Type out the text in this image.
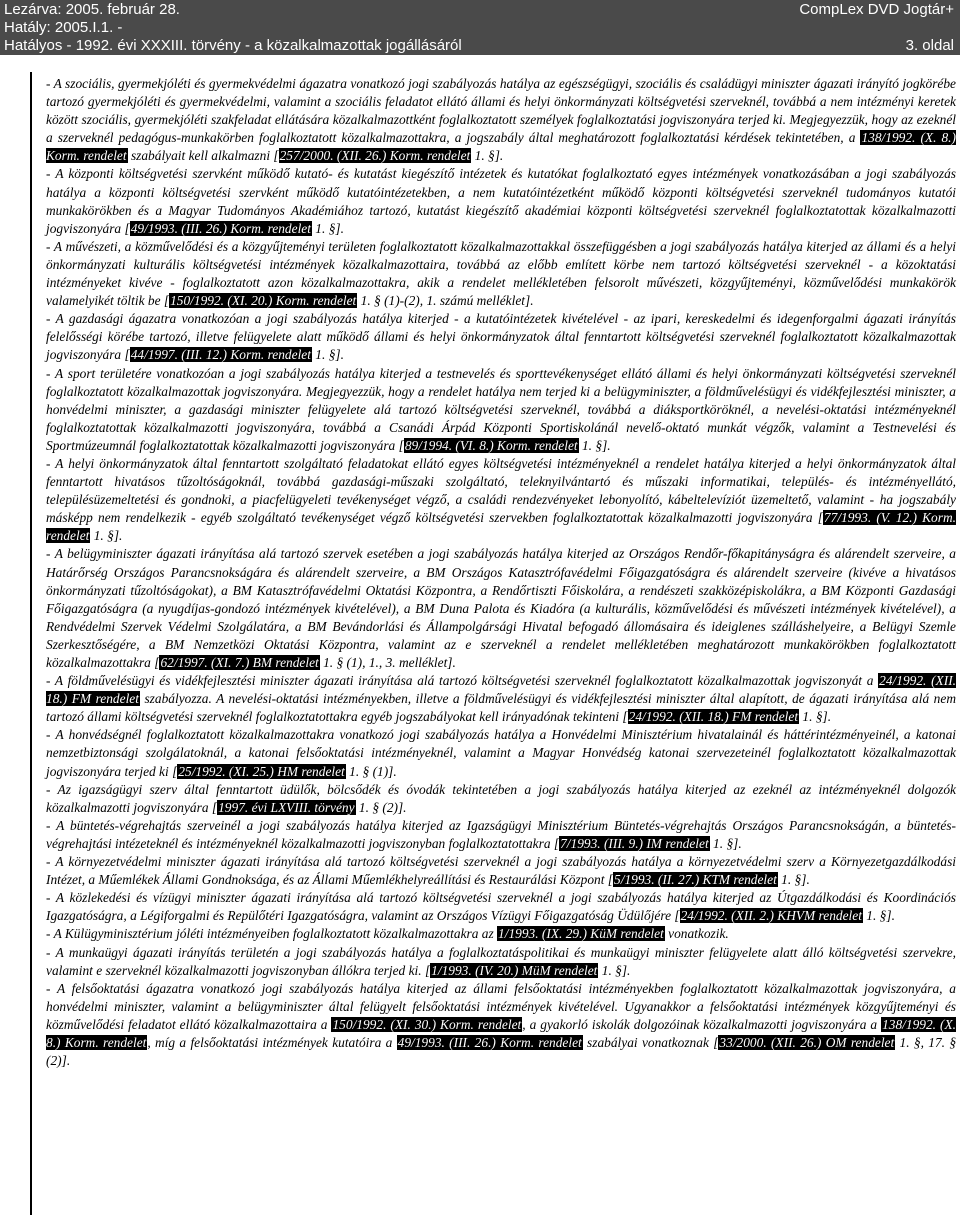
Lezárva: 2005. február 28.	CompLex DVD Jogtár+
Hatály: 2005.I.1. -
Hatályos - 1992. évi XXXIII. törvény - a közalkalmazottak jogállásáról	3. oldal

- A szociális, gyermekjóléti és gyermekvédelmi ágazatra vonatkozó jogi szabályozás hatálya az egészségügyi, szociális és családügyi miniszter ágazati irányító jogkörébe tartozó gyermekjóléti és gyermekvédelmi, valamint a szociális feladatot ellátó állami és helyi önkormányzati költségvetési szerveknél, továbbá a nem intézményi keretek között szociális, gyermekjóléti szakfeladat ellátására közalkalmazottként foglalkoztatott személyek foglalkoztatási jogviszonyára terjed ki. Megjegyezzük, hogy az ezeknél a szerveknél pedagógus-munkakörben foglalkoztatott közalkalmazottakra, a jogszabály által meghatározott foglalkoztatási kérdések tekintetében, a 138/1992. (X. 8.) Korm. rendelet szabályait kell alkalmazni [257/2000. (XII. 26.) Korm. rendelet 1. §].

- A központi költségvetési szervként működő kutató- és kutatást kiegészítő intézetek és kutatókat foglalkoztató egyes intézmények vonatkozásában a jogi szabályozás hatálya a központi költségvetési szervként működő kutatóintézetekben, a nem kutatóintézetként működő központi költségvetési szerveknél tudományos kutatói munkakörökben és a Magyar Tudományos Akadémiához tartozó, kutatást kiegészítő akadémiai központi költségvetési szerveknél foglalkoztatottak közalkalmazotti jogviszonyára [49/1993. (III. 26.) Korm. rendelet 1. §].

- A művészeti, a közművelődési és a közgyűjteményi területen foglalkoztatott közalkalmazottakkal összefüggésben a jogi szabályozás hatálya kiterjed az állami és a helyi önkormányzati kulturális költségvetési intézmények közalkalmazottaira, továbbá az előbb említett körbe nem tartozó költségvetési szerveknél - a közoktatási intézményeket kivéve - foglalkoztatott azon közalkalmazottakra, akik a rendelet mellékletében felsorolt művészeti, közgyűjteményi, közművelődési munkakörök valamelyikét töltik be [150/1992. (XI. 20.) Korm. rendelet 1. § (1)-(2), 1. számú melléklet].

- A gazdasági ágazatra vonatkozóan a jogi szabályozás hatálya kiterjed - a kutatóintézetek kivételével - az ipari, kereskedelmi és idegenforgalmi ágazati irányítás felelősségi körébe tartozó, illetve felügyelete alatt működő állami és helyi önkormányzatok által fenntartott költségvetési szerveknél foglalkoztatott közalkalmazottak jogviszonyára [44/1997. (III. 12.) Korm. rendelet 1. §].

- A sport területére vonatkozóan a jogi szabályozás hatálya kiterjed a testnevelés és sporttevékenységet ellátó állami és helyi önkormányzati költségvetési szerveknél foglalkoztatott közalkalmazottak jogviszonyára. Megjegyezzük, hogy a rendelet hatálya nem terjed ki a belügyminiszter, a földművelésügyi és vidékfejlesztési miniszter, a honvédelmi miniszter, a gazdasági miniszter felügyelete alá tartozó költségvetési szerveknél, továbbá a diáksportköröknél, a nevelési-oktatási intézményeknél foglalkoztatottak közalkalmazotti jogviszonyára, továbbá a Csanádi Árpád Központi Sportiskolánál nevelő-oktató munkát végzők, valamint a Testnevelési és Sportmúzeumnál foglalkoztatottak közalkalmazotti jogviszonyára [89/1994. (VI. 8.) Korm. rendelet 1. §].

- A helyi önkormányzatok által fenntartott szolgáltató feladatokat ellátó egyes költségvetési intézményeknél a rendelet hatálya kiterjed a helyi önkormányzatok által fenntartott hivatásos tűzoltóságoknál, továbbá gazdasági-műszaki szolgáltató, teleknyilvántartó és műszaki informatikai, település- és intézményellátó, településüzemeltetési és gondnoki, a piacfelügyeleti tevékenységet végző, a családi rendezvényeket lebonyolító, kábeltelevíziót üzemeltető, valamint - ha jogszabály másképp nem rendelkezik - egyéb szolgáltató tevékenységet végző költségvetési szervekben foglalkoztatottak közalkalmazotti jogviszonyára [77/1993. (V. 12.) Korm. rendelet 1. §].

- A belügyminiszter ágazati irányítása alá tartozó szervek esetében a jogi szabályozás hatálya kiterjed az Országos Rendőr-főkapitányságra és alárendelt szerveire, a Határőrség Országos Parancsnokságára és alárendelt szerveire, a BM Országos Katasztrófavédelmi Főigazgatóságra és alárendelt szerveire (kivéve a hivatásos önkormányzati tűzoltóságokat), a BM Katasztrófavédelmi Oktatási Központra, a Rendőrtiszti Főiskolára, a rendészeti szakközépiskolákra, a BM Központi Gazdasági Főigazgatóságra (a nyugdíjas-gondozó intézmények kivételével), a BM Duna Palota és Kiadóra (a kulturális, közművelődési és művészeti intézmények kivételével), a Rendvédelmi Szervek Védelmi Szolgálatára, a BM Bevándorlási és Állampolgársági Hivatal befogadó állomásaira és ideiglenes szálláshelyeire, a Belügyi Szemle Szerkesztőségére, a BM Nemzetközi Oktatási Központra, valamint az e szerveknél a rendelet mellékletében meghatározott munkakörökben foglalkoztatott közalkalmazottakra [62/1997. (XI. 7.) BM rendelet 1. § (1), 1., 3. melléklet].

- A földművelésügyi és vidékfejlesztési miniszter ágazati irányítása alá tartozó költségvetési szerveknél foglalkoztatott közalkalmazottak jogviszonyát a 24/1992. (XII. 18.) FM rendelet szabályozza. A nevelési-oktatási intézményekben, illetve a földművelésügyi és vidékfejlesztési miniszter által alapított, de ágazati irányítása alá nem tartozó állami költségvetési szerveknél foglalkoztatottakra egyéb jogszabályokat kell irányadónak tekinteni [24/1992. (XII. 18.) FM rendelet 1. §].

- A honvédségnél foglalkoztatott közalkalmazottakra vonatkozó jogi szabályozás hatálya a Honvédelmi Minisztérium hivatalainál és háttérintézményeinél, a katonai nemzetbiztonsági szolgálatoknál, a katonai felsőoktatási intézményeknél, valamint a Magyar Honvédség katonai szervezeteinél foglalkoztatott közalkalmazottak jogviszonyára terjed ki [25/1992. (XI. 25.) HM rendelet 1. § (1)].

- Az igazságügyi szerv által fenntartott üdülők, bölcsődék és óvodák tekintetében a jogi szabályozás hatálya kiterjed az ezeknél az intézményeknél dolgozók közalkalmazotti jogviszonyára [1997. évi LXVIII. törvény 1. § (2)].

- A büntetés-végrehajtás szerveinél a jogi szabályozás hatálya kiterjed az Igazságügyi Minisztérium Büntetés-végrehajtás Országos Parancsnokságán, a büntetés-végrehajtási intézeteknél és intézményeknél közalkalmazotti jogviszonyban foglalkoztatottakra [7/1993. (III. 9.) IM rendelet 1. §].

- A környezetvédelmi miniszter ágazati irányítása alá tartozó költségvetési szerveknél a jogi szabályozás hatálya a környezetvédelmi szerv a Környezetgazdálkodási Intézet, a Műemlékek Állami Gondnoksága, és az Állami Műemlékhelyreállítási és Restaurálási Központ [5/1993. (II. 27.) KTM rendelet 1. §].

- A közlekedési és vízügyi miniszter ágazati irányítása alá tartozó költségvetési szerveknél a jogi szabályozás hatálya kiterjed az Útgazdálkodási és Koordinációs Igazgatóságra, a Légiforgalmi és Repülőtéri Igazgatóságra, valamint az Országos Vízügyi Főigazgatóság Üdülőjére [24/1992. (XII. 2.) KHVM rendelet 1. §].

- A Külügyminisztérium jóléti intézményeiben foglalkoztatott közalkalmazottakra az 1/1993. (IX. 29.) KüM rendelet vonatkozik.

- A munkaügyi ágazati irányítás területén a jogi szabályozás hatálya a foglalkoztatáspolitikai és munkaügyi miniszter felügyelete alatt álló költségvetési szervekre, valamint e szerveknél közalkalmazotti jogviszonyban állókra terjed ki. [1/1993. (IV. 20.) MüM rendelet 1. §].

- A felsőoktatási ágazatra vonatkozó jogi szabályozás hatálya kiterjed az állami felsőoktatási intézményekben foglalkoztatott közalkalmazottak jogviszonyára, a honvédelmi miniszter, valamint a belügyminiszter által felügyelt felsőoktatási intézmények kivételével. Ugyanakkor a felsőoktatási intézmények közgyűjteményi és közművelődési feladatot ellátó közalkalmazottaira a 150/1992. (XI. 30.) Korm. rendelet, a gyakorló iskolák dolgozóinak közalkalmazotti jogviszonyára a 138/1992. (X. 8.) Korm. rendelet, míg a felsőoktatási intézmények kutatóira a 49/1993. (III. 26.) Korm. rendelet szabályai vonatkoznak [33/2000. (XII. 26.) OM rendelet 1. §, 17. § (2)].
